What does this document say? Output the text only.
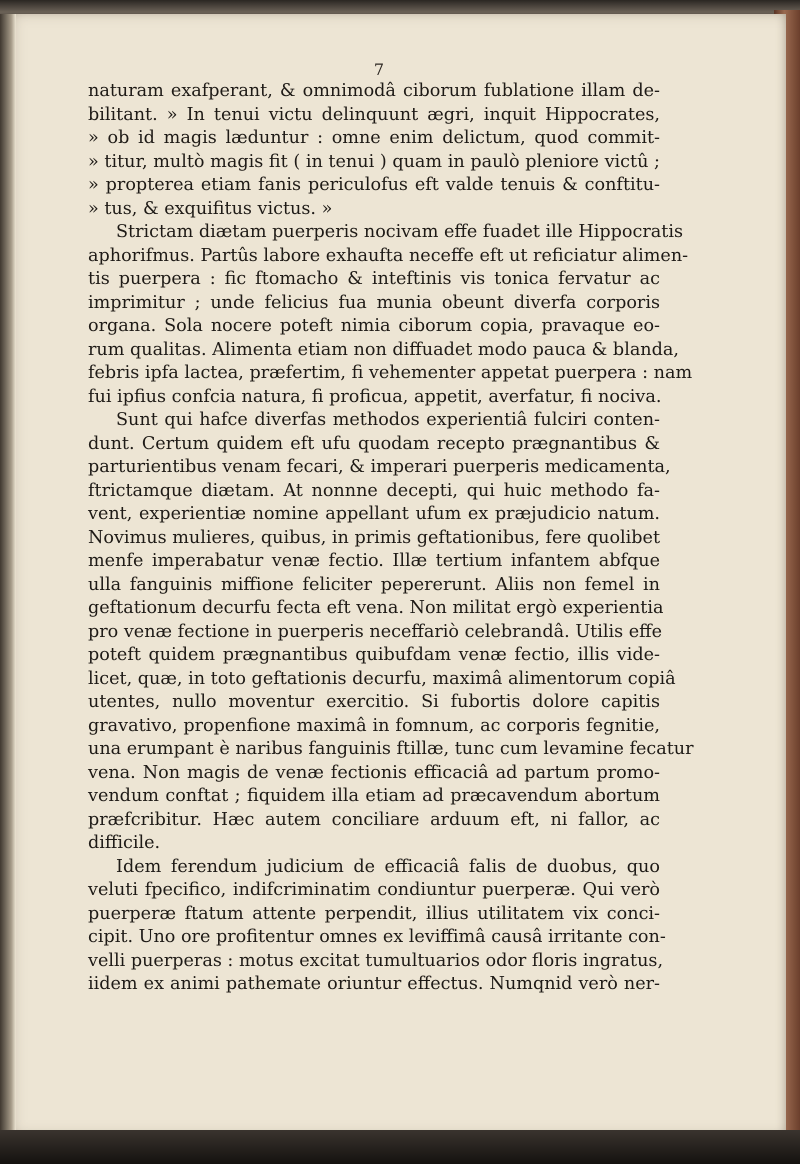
7
naturam exafperant, & omnimodâ ciborum fublatione illam de-
bilitant. » In tenui victu delinquunt ægri, inquit Hippocrates,
» ob id magis læduntur : omne enim delictum, quod commit-
» titur, multò magis fit ( in tenui ) quam in paulò pleniore victû ;
» propterea etiam fanis periculofus eft valde tenuis & conftitu-
» tus, & exquifitus victus. »
Strictam diætam puerperis nocivam effe fuadet ille Hippocratis
aphorifmus. Partûs labore exhaufta neceffe eft ut reficiatur alimen-
tis puerpera : fic ftomacho & inteftinis vis tonica fervatur ac
imprimitur ; unde felicius fua munia obeunt diverfa corporis
organa. Sola nocere poteft nimia ciborum copia, pravaque eo-
rum qualitas. Alimenta etiam non diffuadet modo pauca & blanda,
febris ipfa lactea, præfertim, fi vehementer appetat puerpera : nam
fui ipfius confcia natura, fi proficua, appetit, averfatur, fi nociva.
Sunt qui hafce diverfas methodos experientiâ fulciri conten-
dunt. Certum quidem eft ufu quodam recepto prægnantibus &
parturientibus venam fecari, & imperari puerperis medicamenta,
ftrictamque diætam. At nonnne decepti, qui huic methodo fa-
vent, experientiæ nomine appellant ufum ex præjudicio natum.
Novimus mulieres, quibus, in primis geftationibus, fere quolibet
menfe imperabatur venæ fectio. Illæ tertium infantem abfque
ulla fanguinis miffione feliciter pepererunt. Aliis non femel in
geftationum decurfu fecta eft vena. Non militat ergò experientia
pro venæ fectione in puerperis neceffariò celebrandâ. Utilis effe
poteft quidem prægnantibus quibufdam venæ fectio, illis vide-
licet, quæ, in toto geftationis decurfu, maximâ alimentorum copiâ
utentes, nullo moventur exercitio. Si fubortis dolore capitis
gravativo, propenfione maximâ in fomnum, ac corporis fegnitie,
una erumpant è naribus fanguinis ftillæ, tunc cum levamine fecatur
vena. Non magis de venæ fectionis efficaciâ ad partum promo-
vendum conftat ; fiquidem illa etiam ad præcavendum abortum
præfcribitur. Hæc autem conciliare arduum eft, ni fallor, ac
difficile.
Idem ferendum judicium de efficaciâ falis de duobus, quo
veluti fpecifico, indifcriminatim condiuntur puerperæ. Qui verò
puerperæ ftatum attente perpendit, illius utilitatem vix conci-
cipit. Uno ore profitentur omnes ex leviffimâ causâ irritante con-
velli puerperas : motus excitat tumultuarios odor floris ingratus,
iidem ex animi pathemate oriuntur effectus. Numqnid verò ner-
